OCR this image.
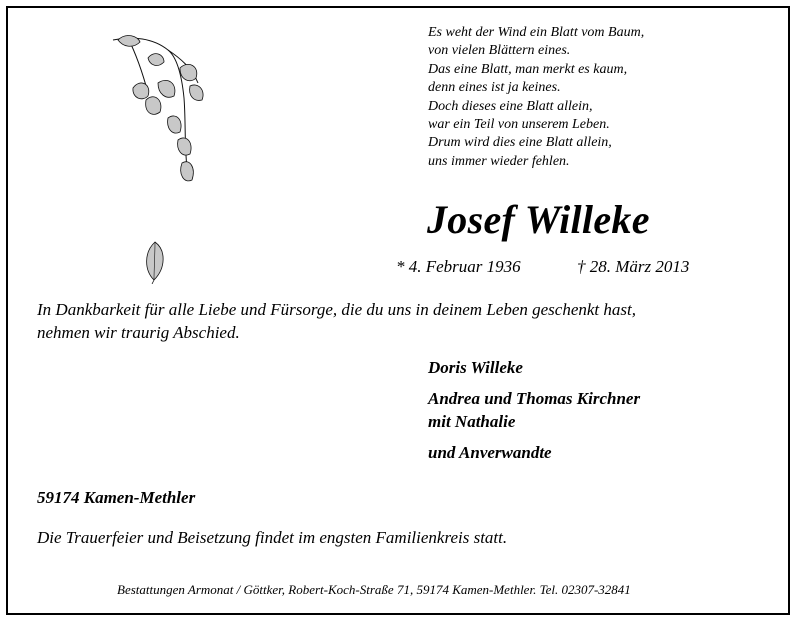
Es weht der Wind ein Blatt vom Baum,
von vielen Blättern eines.
Das eine Blatt, man merkt es kaum,
denn eines ist ja keines.
Doch dieses eine Blatt allein,
war ein Teil von unserem Leben.
Drum wird dies eine Blatt allein,
uns immer wieder fehlen.
Josef Willeke
* 4. Februar 1936	† 28. März 2013
In Dankbarkeit für alle Liebe und Fürsorge, die du uns in deinem Leben geschenkt hast,
nehmen wir traurig Abschied.
Doris Willeke
Andrea und Thomas Kirchner
mit Nathalie
und Anverwandte
59174 Kamen-Methler
Die Trauerfeier und Beisetzung findet im engsten Familienkreis statt.
Bestattungen Armonat / Göttker, Robert-Koch-Straße 71, 59174 Kamen-Methler. Tel. 02307-32841
